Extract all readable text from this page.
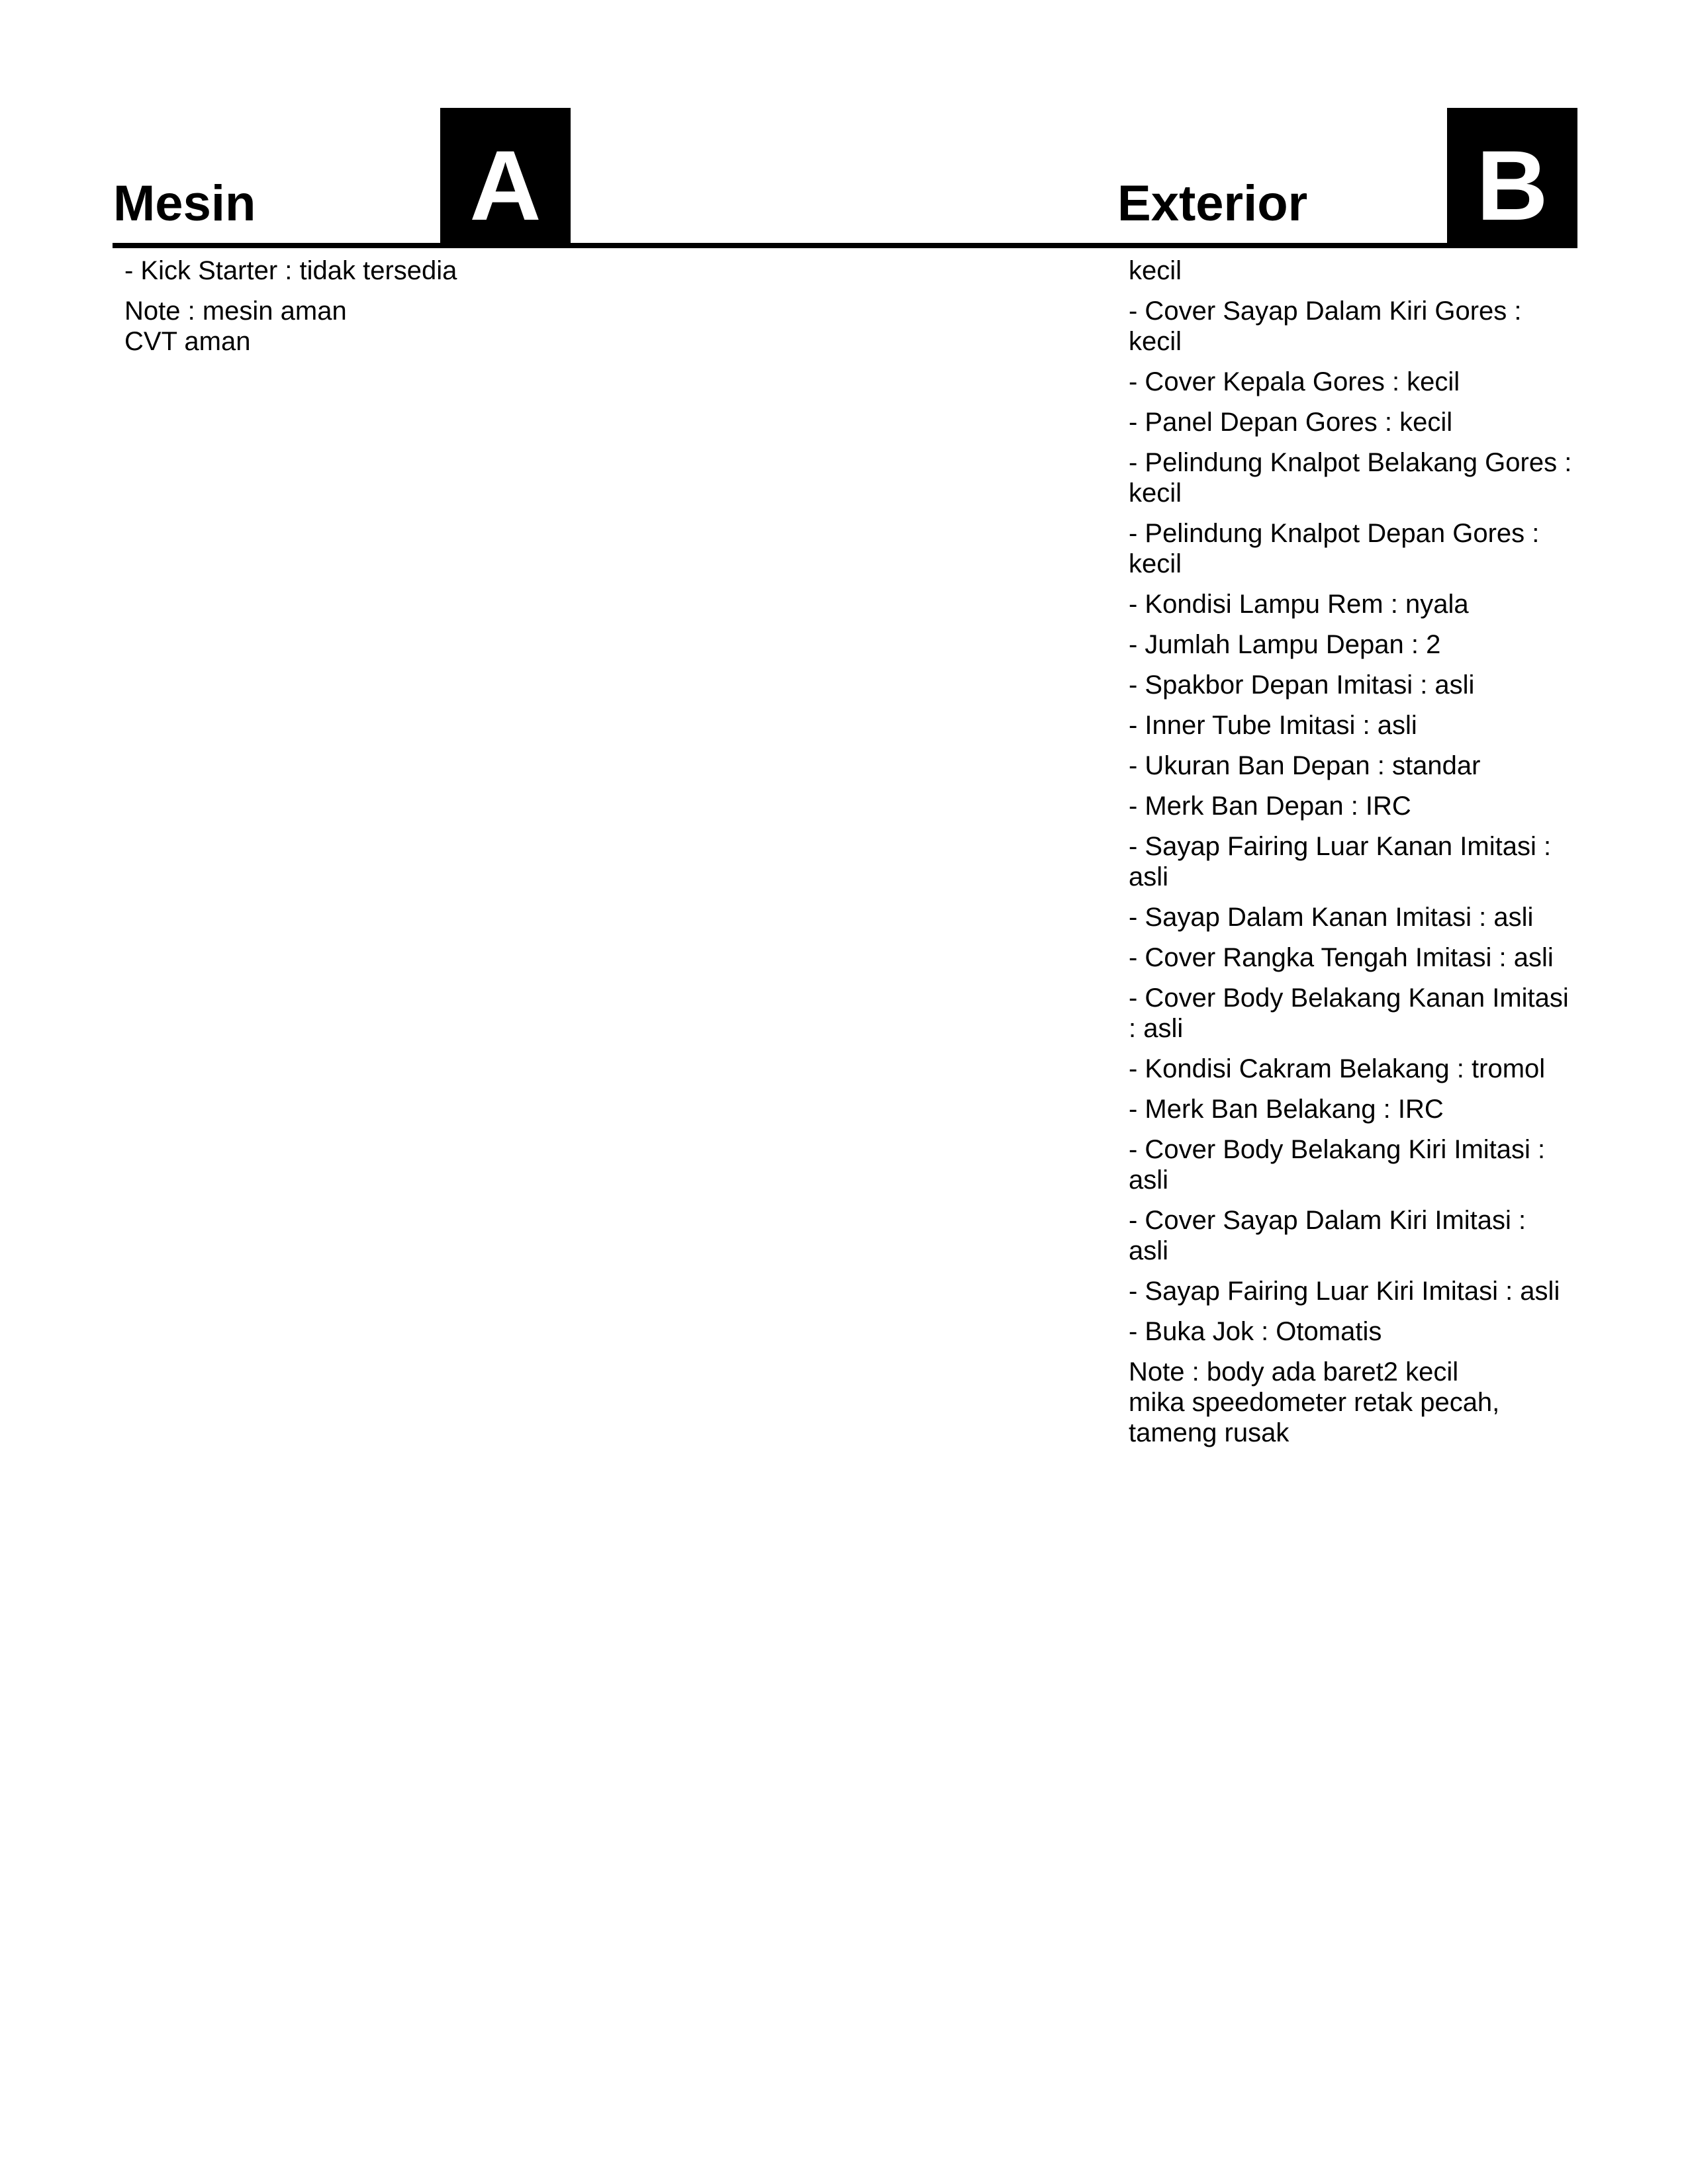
Mesin A	Exterior B
- Kick Starter : tidak tersedia
Note : mesin aman
CVT aman
kecil
- Cover Sayap Dalam Kiri Gores : kecil
- Cover Kepala Gores : kecil
- Panel Depan Gores : kecil
- Pelindung Knalpot Belakang Gores : kecil
- Pelindung Knalpot Depan Gores : kecil
- Kondisi Lampu Rem : nyala
- Jumlah Lampu Depan : 2
- Spakbor Depan Imitasi : asli
- Inner Tube Imitasi : asli
- Ukuran Ban Depan : standar
- Merk Ban Depan : IRC
- Sayap Fairing Luar Kanan Imitasi : asli
- Sayap Dalam Kanan Imitasi : asli
- Cover Rangka Tengah Imitasi : asli
- Cover Body Belakang Kanan Imitasi : asli
- Kondisi Cakram Belakang : tromol
- Merk Ban Belakang : IRC
- Cover Body Belakang Kiri Imitasi : asli
- Cover Sayap Dalam Kiri Imitasi : asli
- Sayap Fairing Luar Kiri Imitasi : asli
- Buka Jok : Otomatis
Note : body ada baret2 kecil
mika speedometer retak pecah,
tameng rusak
